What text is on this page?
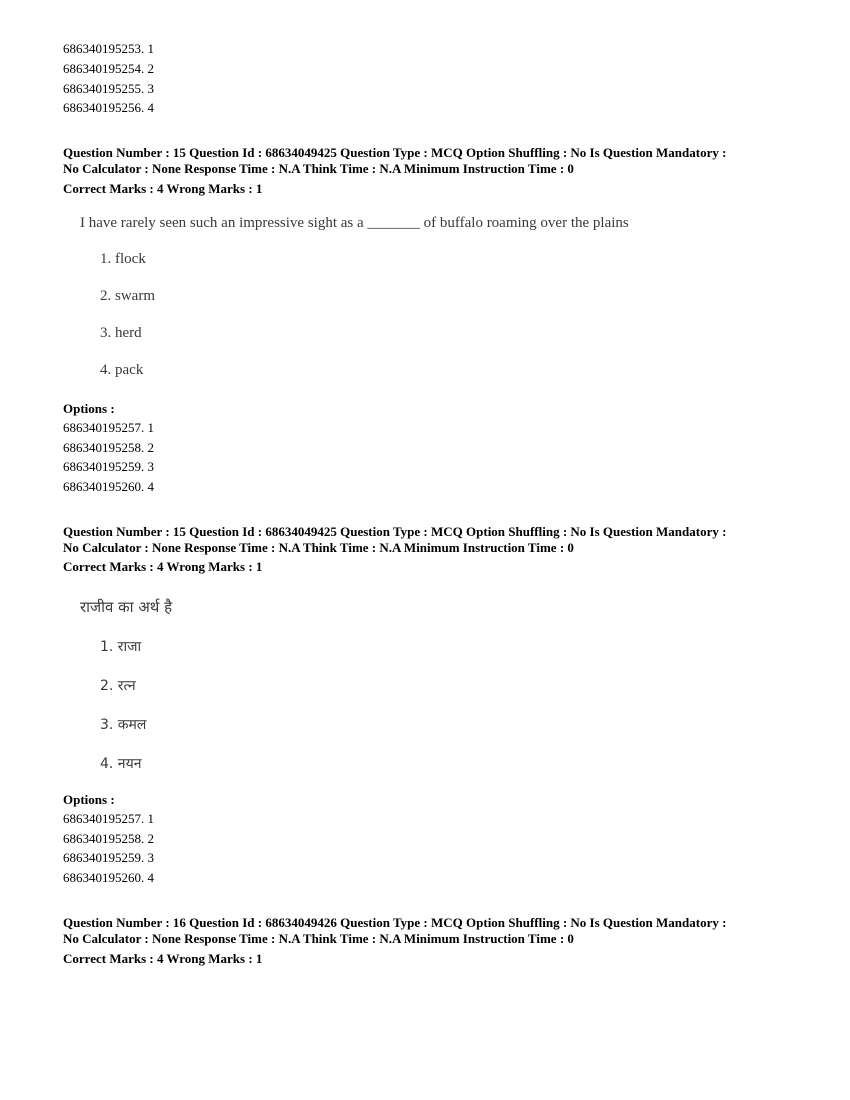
686340195253. 1
686340195254. 2
686340195255. 3
686340195256. 4
Question Number : 15 Question Id : 68634049425 Question Type : MCQ Option Shuffling : No Is Question Mandatory :
No Calculator : None Response Time : N.A Think Time : N.A Minimum Instruction Time : 0
Correct Marks : 4 Wrong Marks : 1
I have rarely seen such an impressive sight as a _______ of buffalo roaming over the plains
1. flock
2. swarm
3. herd
4. pack
Options :
686340195257. 1
686340195258. 2
686340195259. 3
686340195260. 4
Question Number : 15 Question Id : 68634049425 Question Type : MCQ Option Shuffling : No Is Question Mandatory :
No Calculator : None Response Time : N.A Think Time : N.A Minimum Instruction Time : 0
Correct Marks : 4 Wrong Marks : 1
राजीव का अर्थ है
1. राजा
2. रत्न
3. कमल
4. नयन
Options :
686340195257. 1
686340195258. 2
686340195259. 3
686340195260. 4
Question Number : 16 Question Id : 68634049426 Question Type : MCQ Option Shuffling : No Is Question Mandatory :
No Calculator : None Response Time : N.A Think Time : N.A Minimum Instruction Time : 0
Correct Marks : 4 Wrong Marks : 1
